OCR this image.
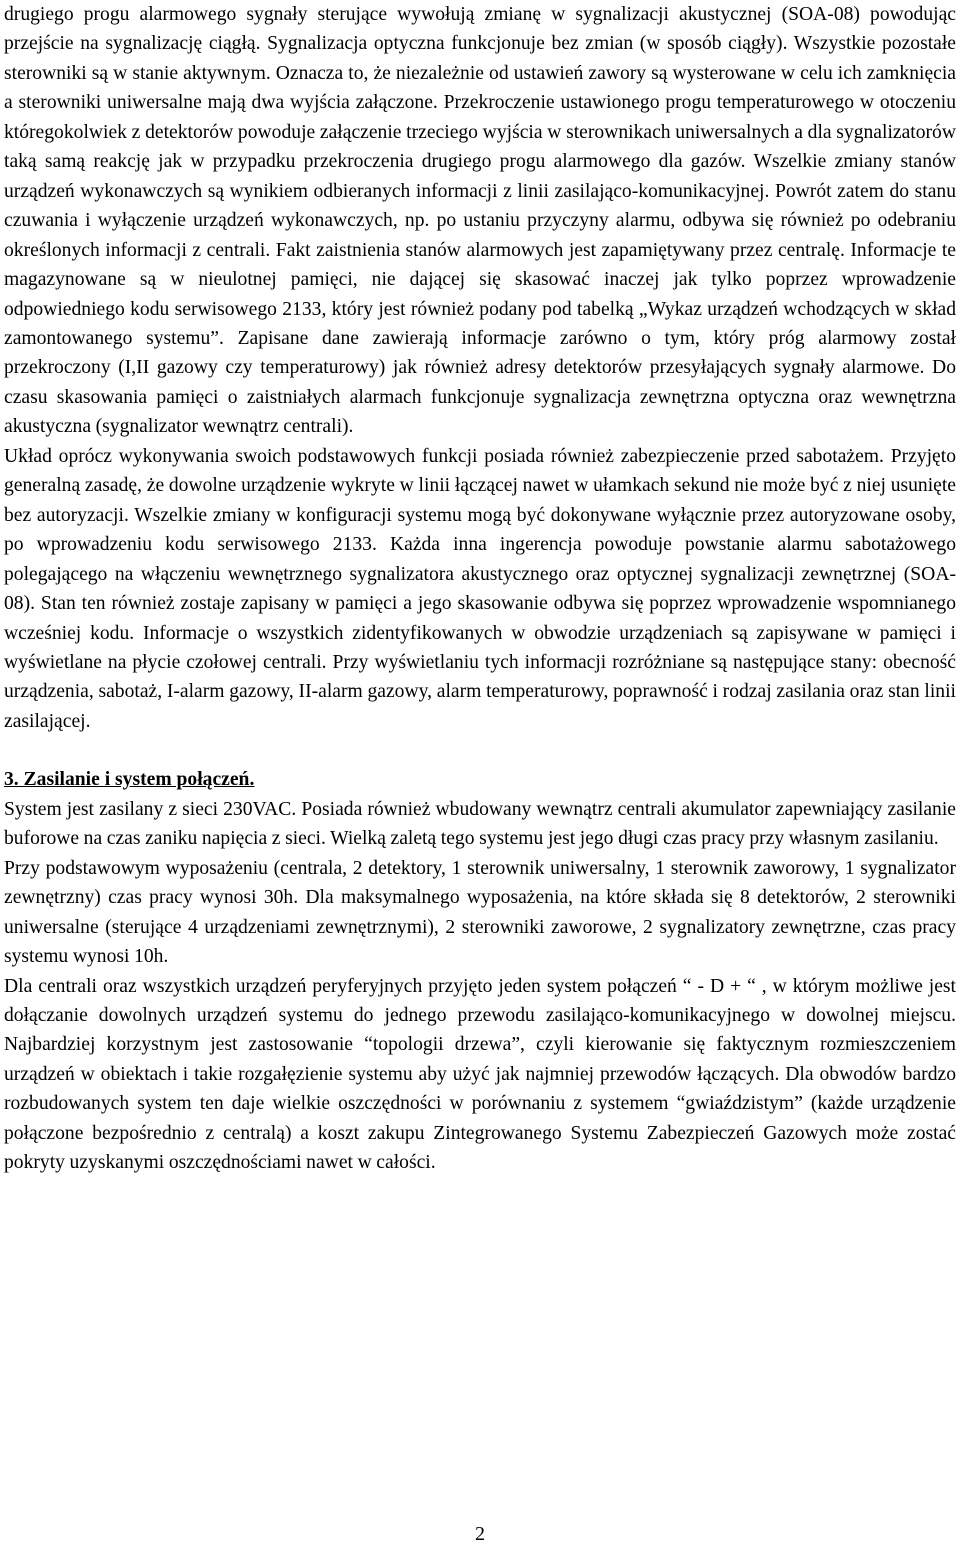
drugiego progu alarmowego sygnały sterujące wywołują zmianę w sygnalizacji akustycznej (SOA-08) powodując przejście na sygnalizację ciągłą. Sygnalizacja optyczna funkcjonuje bez zmian (w sposób ciągły). Wszystkie pozostałe sterowniki są w stanie aktywnym. Oznacza to, że niezależnie od ustawień zawory są wysterowane w celu ich zamknięcia a sterowniki uniwersalne mają dwa wyjścia załączone. Przekroczenie ustawionego progu temperaturowego w otoczeniu któregokolwiek z detektorów powoduje załączenie trzeciego wyjścia w sterownikach uniwersalnych a dla sygnalizatorów taką samą reakcję jak w przypadku przekroczenia drugiego progu alarmowego dla gazów. Wszelkie zmiany stanów urządzeń wykonawczych są wynikiem odbieranych informacji z linii zasilająco-komunikacyjnej. Powrót zatem do stanu czuwania i wyłączenie urządzeń wykonawczych, np. po ustaniu przyczyny alarmu, odbywa się również po odebraniu określonych informacji z centrali. Fakt zaistnienia stanów alarmowych jest zapamiętywany przez centralę. Informacje te magazynowane są w nieulotnej pamięci, nie dającej się skasować inaczej jak tylko poprzez wprowadzenie odpowiedniego kodu serwisowego 2133, który jest również podany pod tabelką „Wykaz urządzeń wchodzących w skład zamontowanego systemu”. Zapisane dane zawierają informacje zarówno o tym, który próg alarmowy został przekroczony (I,II gazowy czy temperaturowy) jak również adresy detektorów przesyłających sygnały alarmowe. Do czasu skasowania pamięci o zaistniałych alarmach funkcjonuje sygnalizacja zewnętrzna optyczna oraz wewnętrzna akustyczna (sygnalizator wewnątrz centrali).

Układ oprócz wykonywania swoich podstawowych funkcji posiada również zabezpieczenie przed sabotażem. Przyjęto generalną zasadę, że dowolne urządzenie wykryte w linii łączącej nawet w ułamkach sekund nie może być z niej usunięte bez autoryzacji. Wszelkie zmiany w konfiguracji systemu mogą być dokonywane wyłącznie przez autoryzowane osoby, po wprowadzeniu kodu serwisowego 2133. Każda inna ingerencja powoduje powstanie alarmu sabotażowego polegającego na włączeniu wewnętrznego sygnalizatora akustycznego oraz optycznej sygnalizacji zewnętrznej (SOA-08). Stan ten również zostaje zapisany w pamięci a jego skasowanie odbywa się poprzez wprowadzenie wspomnianego wcześniej kodu. Informacje o wszystkich zidentyfikowanych w obwodzie urządzeniach są zapisywane w pamięci i wyświetlane na płycie czołowej centrali. Przy wyświetlaniu tych informacji rozróżniane są następujące stany: obecność urządzenia, sabotaż, I-alarm gazowy, II-alarm gazowy, alarm temperaturowy, poprawność i rodzaj zasilania oraz stan linii zasilającej.

3. Zasilanie i system połączeń.

System jest zasilany z sieci 230VAC. Posiada również wbudowany wewnątrz centrali akumulator zapewniający zasilanie buforowe na czas zaniku napięcia z sieci. Wielką zaletą tego systemu jest jego długi czas pracy przy własnym zasilaniu.

Przy podstawowym wyposażeniu (centrala, 2 detektory, 1 sterownik uniwersalny, 1 sterownik zaworowy, 1 sygnalizator zewnętrzny) czas pracy wynosi 30h. Dla maksymalnego wyposażenia, na które składa się 8 detektorów, 2 sterowniki uniwersalne (sterujące 4 urządzeniami zewnętrznymi), 2 sterowniki zaworowe, 2 sygnalizatory zewnętrzne, czas pracy systemu wynosi 10h.

Dla centrali oraz wszystkich urządzeń peryferyjnych przyjęto jeden system połączeń “ - D + “ , w którym możliwe jest dołączanie dowolnych urządzeń systemu do jednego przewodu zasilająco-komunikacyjnego w dowolnej miejscu. Najbardziej korzystnym jest zastosowanie “topologii drzewa”, czyli kierowanie się faktycznym rozmieszczeniem urządzeń w obiektach i takie rozgałęzienie systemu aby użyć jak najmniej przewodów łączących. Dla obwodów bardzo rozbudowanych system ten daje wielkie oszczędności w porównaniu z systemem “gwiaździstym” (każde urządzenie połączone bezpośrednio z centralą) a koszt zakupu Zintegrowanego Systemu Zabezpieczeń Gazowych może zostać pokryty uzyskanymi oszczędnościami nawet w całości.

2
